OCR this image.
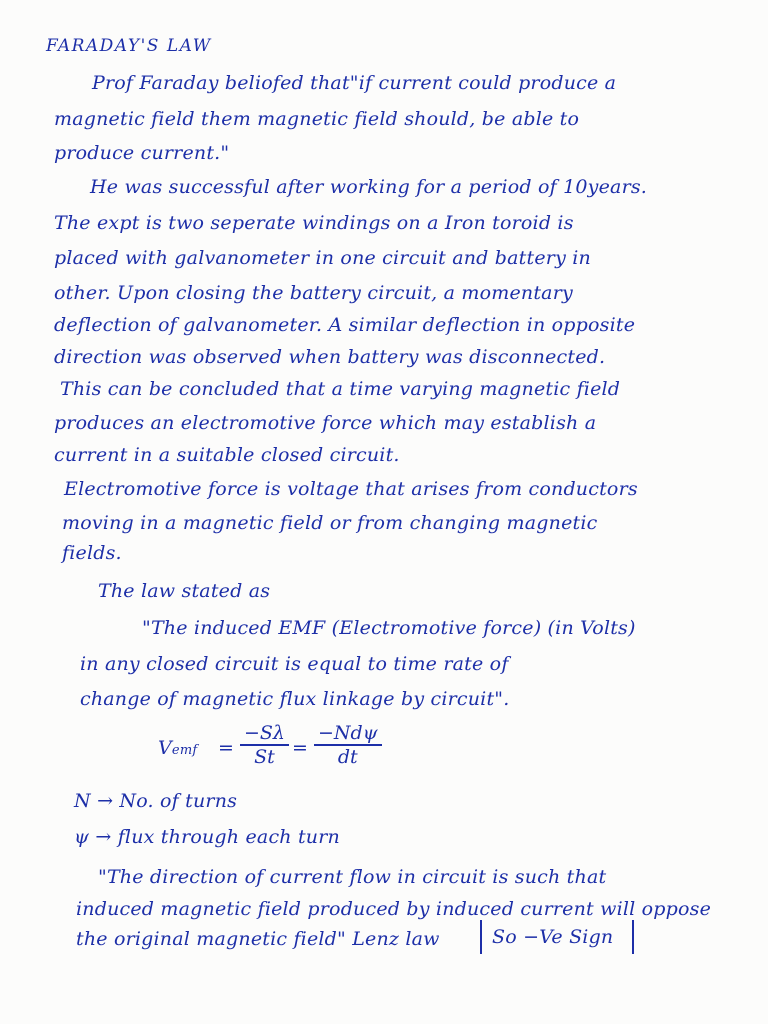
FARADAY'S LAW
Prof Faraday beliofed that"if current could produce a
magnetic field them magnetic field should, be able to
produce current."
He was successful after working for a period of 10years.
The expt is two seperate windings on a Iron toroid is
placed with galvanometer in one circuit and battery in
other. Upon closing the battery circuit, a momentary
deflection of galvanometer. A similar deflection in opposite
direction was observed when battery was disconnected.
This can be concluded that a time varying magnetic field
produces an electromotive force which may establish a
current in a suitable closed circuit.
Electromotive force is voltage that arises from conductors
moving in a magnetic field or from changing magnetic
fields.
The law stated as
"The induced EMF (Electromotive force) (in Volts)
in any closed circuit is equal to time rate of
change of magnetic flux linkage by circuit".
Vemf = $\frac{-S\lambda}{St}$ =
−Ndψ
dt
N → No. of turns
ψ → flux through each turn
"The direction of current flow in circuit is such that
induced magnetic field produced by induced current will oppose
the original magnetic field" Lenz law	So −Ve Sign
